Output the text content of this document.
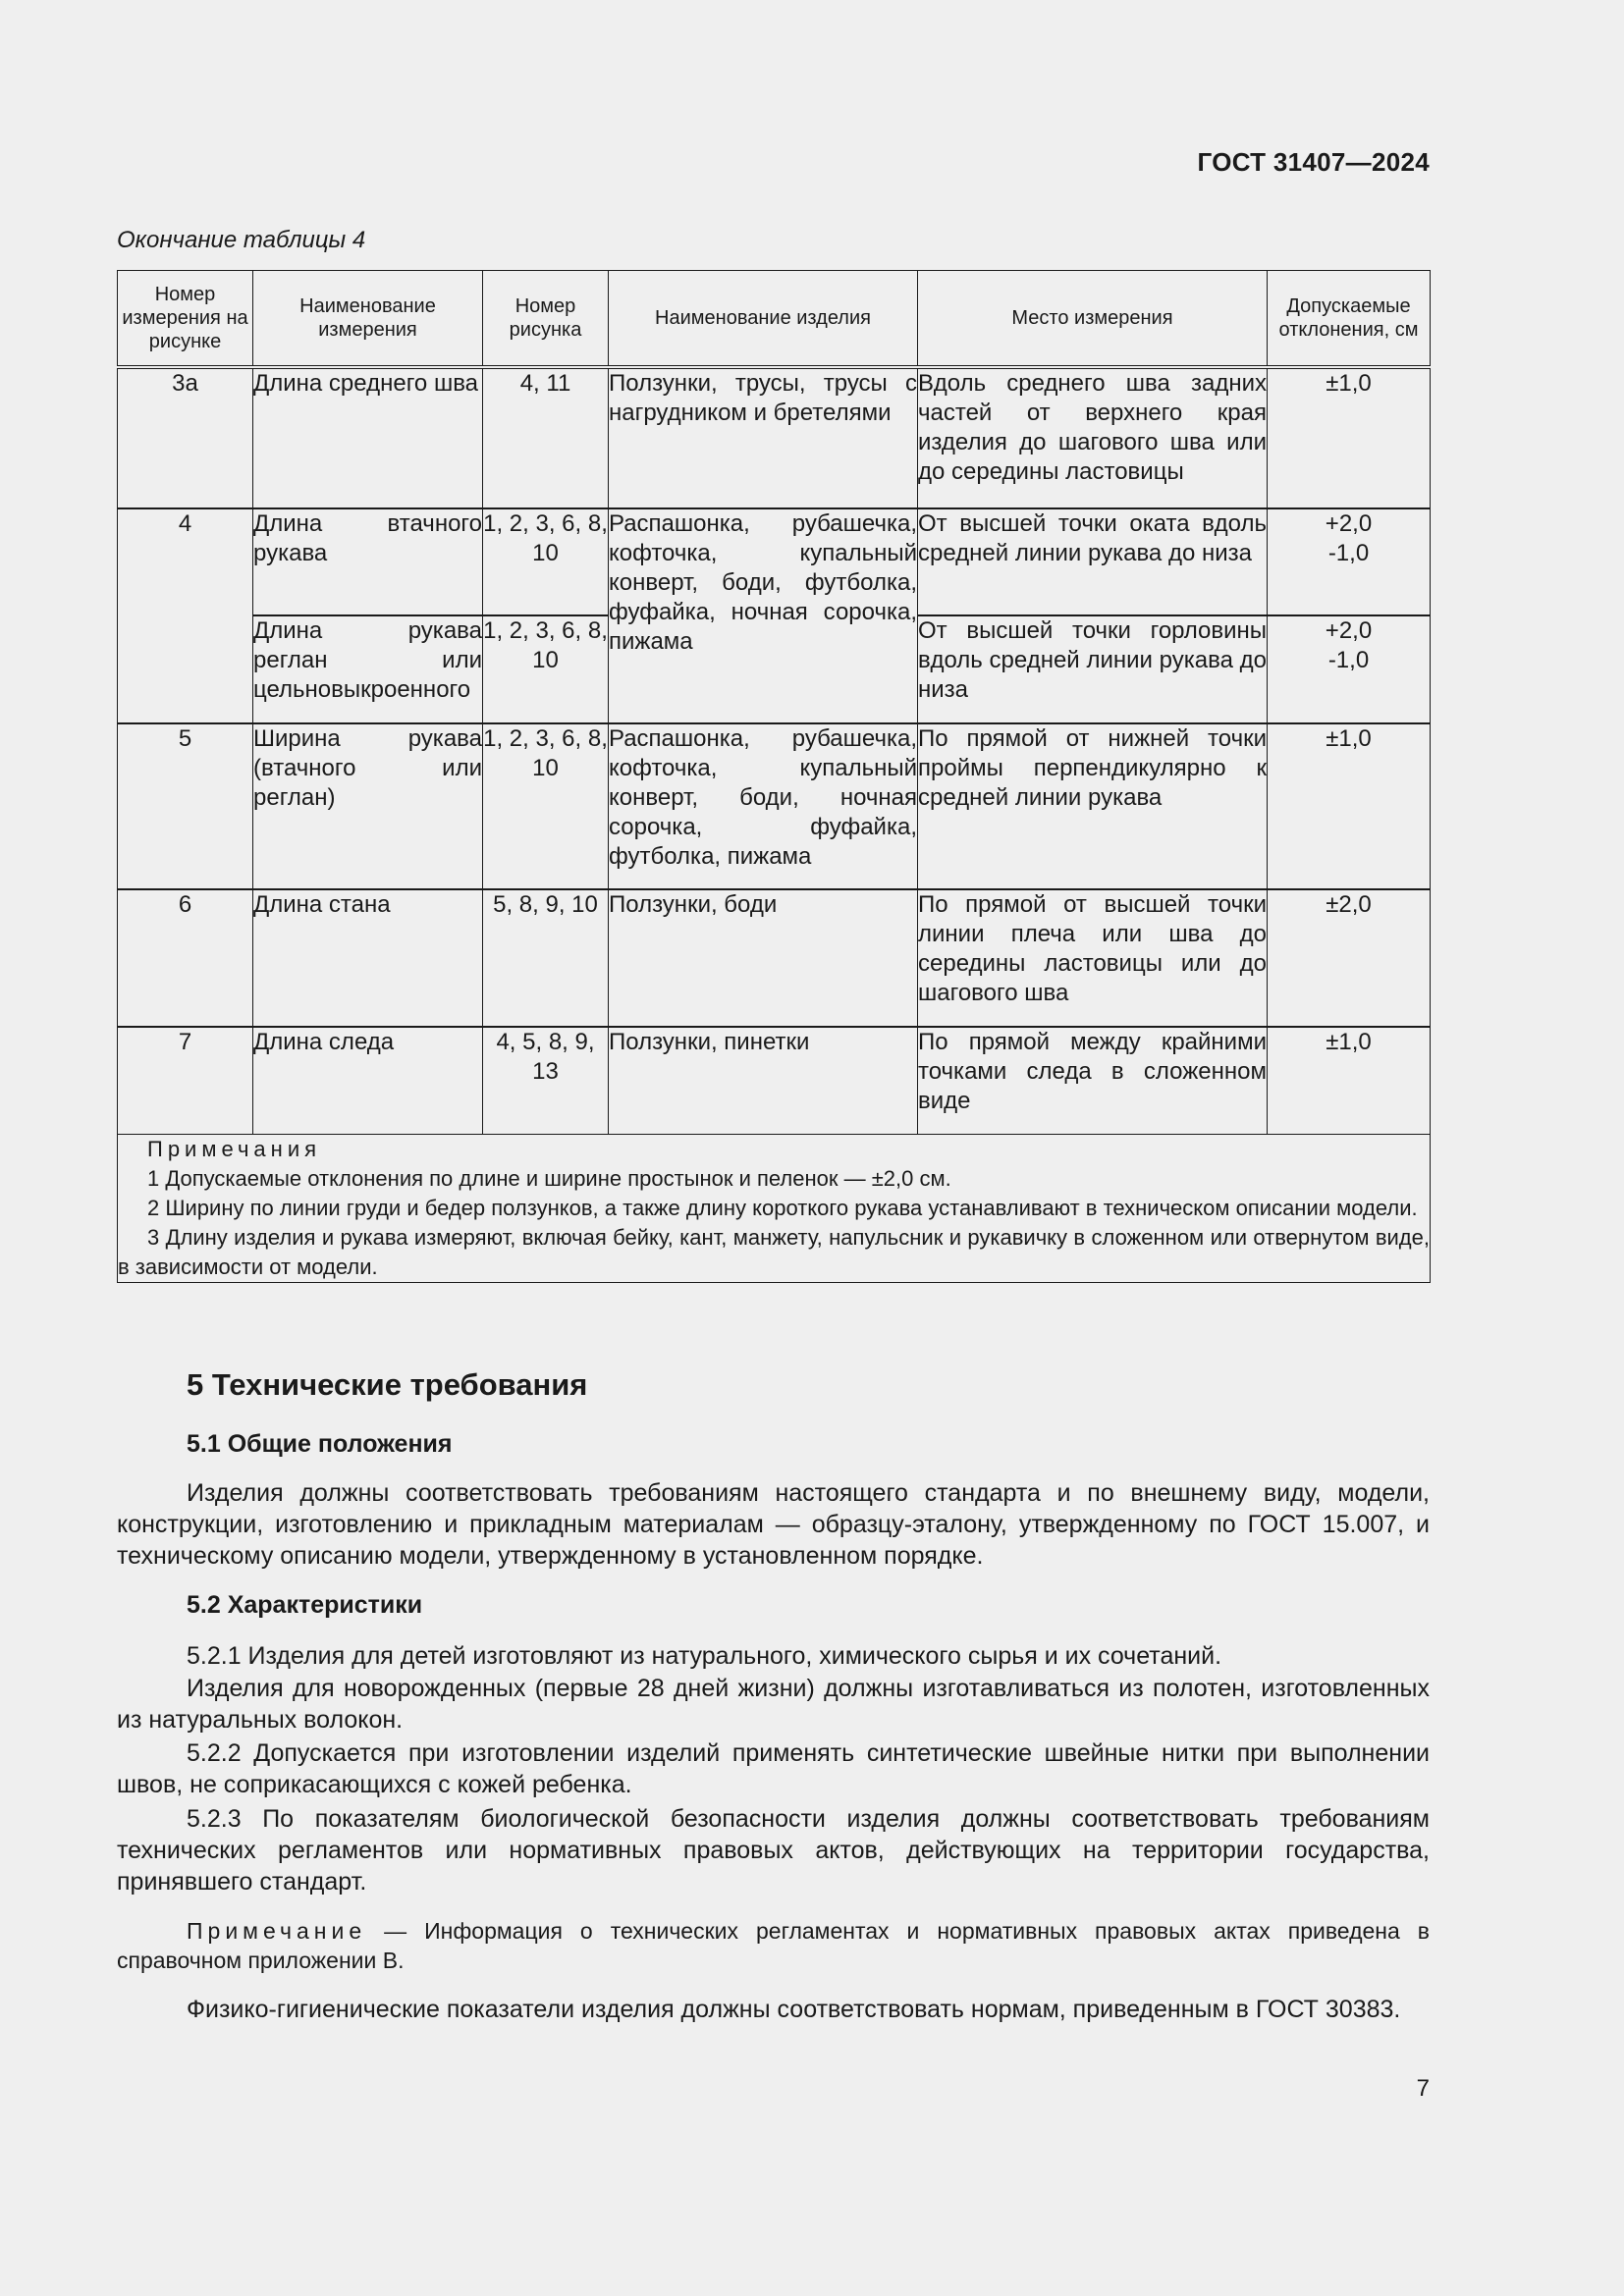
ГОСТ 31407—2024
Окончание таблицы 4
Номер измерения на рисунке	Наименование измерения	Номер рисунка	Наименование изделия	Место измерения	Допускаемые отклонения, см
3а	Длина среднего шва	4, 11	Ползунки, трусы, трусы с нагрудником и бретелями	Вдоль среднего шва задних частей от верхнего края изделия до шагового шва или до середины ластовицы	±1,0
4	Длина втачного рукава	1, 2, 3, 6, 8, 10	Распашонка, рубашечка, кофточка, купальный конверт, боди, футболка, фуфайка, ночная сорочка, пижама	От высшей точки оката вдоль средней линии рукава до низа	+2,0
-1,0
	Длина рукава реглан или цельновыкроенного	1, 2, 3, 6, 8, 10		От высшей точки горловины вдоль средней линии рукава до низа	+2,0
-1,0
5	Ширина рукава (втачного или реглан)	1, 2, 3, 6, 8, 10	Распашонка, рубашечка, кофточка, купальный конверт, боди, ночная сорочка, фуфайка, футболка, пижама	По прямой от нижней точки проймы перпендикулярно к средней линии рукава	±1,0
6	Длина стана	5, 8, 9, 10	Ползунки, боди	По прямой от высшей точки линии плеча или шва до середины ластовицы или до шагового шва	±2,0
7	Длина следа	4, 5, 8, 9, 13	Ползунки, пинетки	По прямой между крайними точками следа в сложенном виде	±1,0

Примечания
1 Допускаемые отклонения по длине и ширине простынок и пеленок — ±2,0 см.
2 Ширину по линии груди и бедер ползунков, а также длину короткого рукава устанавливают в техническом описании модели.
3 Длину изделия и рукава измеряют, включая бейку, кант, манжету, напульсник и рукавичку в сложенном или отвернутом виде, в зависимости от модели.					
5 Технические требования
5.1 Общие положения
Изделия должны соответствовать требованиям настоящего стандарта и по внешнему виду, модели, конструкции, изготовлению и прикладным материалам — образцу-эталону, утвержденному по ГОСТ 15.007, и техническому описанию модели, утвержденному в установленном порядке.
5.2 Характеристики
5.2.1 Изделия для детей изготовляют из натурального, химического сырья и их сочетаний.
Изделия для новорожденных (первые 28 дней жизни) должны изготавливаться из полотен, изготовленных из натуральных волокон.
5.2.2 Допускается при изготовлении изделий применять синтетические швейные нитки при выполнении швов, не соприкасающихся с кожей ребенка.
5.2.3 По показателям биологической безопасности изделия должны соответствовать требованиям технических регламентов или нормативных правовых актов, действующих на территории государства, принявшего стандарт.
Примечание — Информация о технических регламентах и нормативных правовых актах приведена в справочном приложении В.
Физико-гигиенические показатели изделия должны соответствовать нормам, приведенным в ГОСТ 30383.
7
